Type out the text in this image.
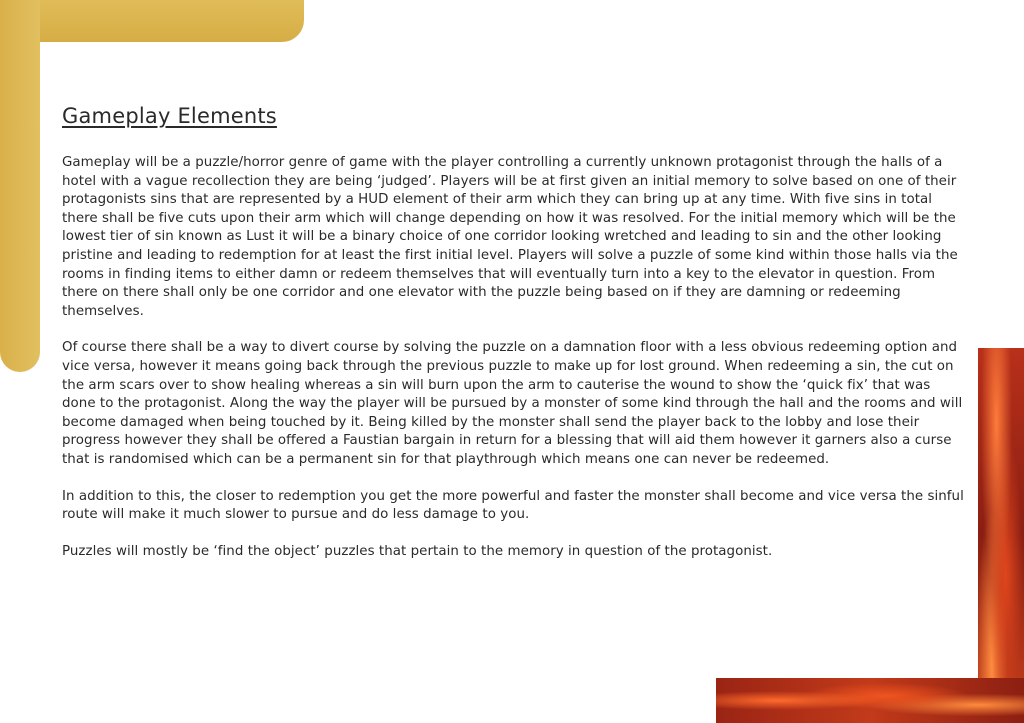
Gameplay Elements

Gameplay will be a puzzle/horror genre of game with the player controlling a currently unknown protagonist through the halls of a hotel with a vague recollection they are being ‘judged’. Players will be at first given an initial memory to solve based on one of their protagonists sins that are represented by a HUD element of their arm which they can bring up at any time. With five sins in total there shall be five cuts upon their arm which will change depending on how it was resolved. For the initial memory which will be the lowest tier of sin known as Lust it will be a binary choice of one corridor looking wretched and leading to sin and the other looking pristine and leading to redemption for at least the first initial level. Players will solve a puzzle of some kind within those halls via the rooms in finding items to either damn or redeem themselves that will eventually turn into a key to the elevator in question. From there on there shall only be one corridor and one elevator with the puzzle being based on if they are damning or redeeming themselves.

Of course there shall be a way to divert course by solving the puzzle on a damnation floor with a less obvious redeeming option and vice versa, however it means going back through the previous puzzle to make up for lost ground. When redeeming a sin, the cut on the arm scars over to show healing whereas a sin will burn upon the arm to cauterise the wound to show the ‘quick fix’ that was done to the protagonist. Along the way the player will be pursued by a monster of some kind through the hall and the rooms and will become damaged when being touched by it. Being killed by the monster shall send the player back to the lobby and lose their progress however they shall be offered a Faustian bargain in return for a blessing that will aid them however it garners also a curse that is randomised which can be a permanent sin for that playthrough which means one can never be redeemed.

In addition to this, the closer to redemption you get the more powerful and faster the monster shall become and vice versa the sinful route will make it much slower to pursue and do less damage to you.

Puzzles will mostly be ‘find the object’ puzzles that pertain to the memory in question of the protagonist.
